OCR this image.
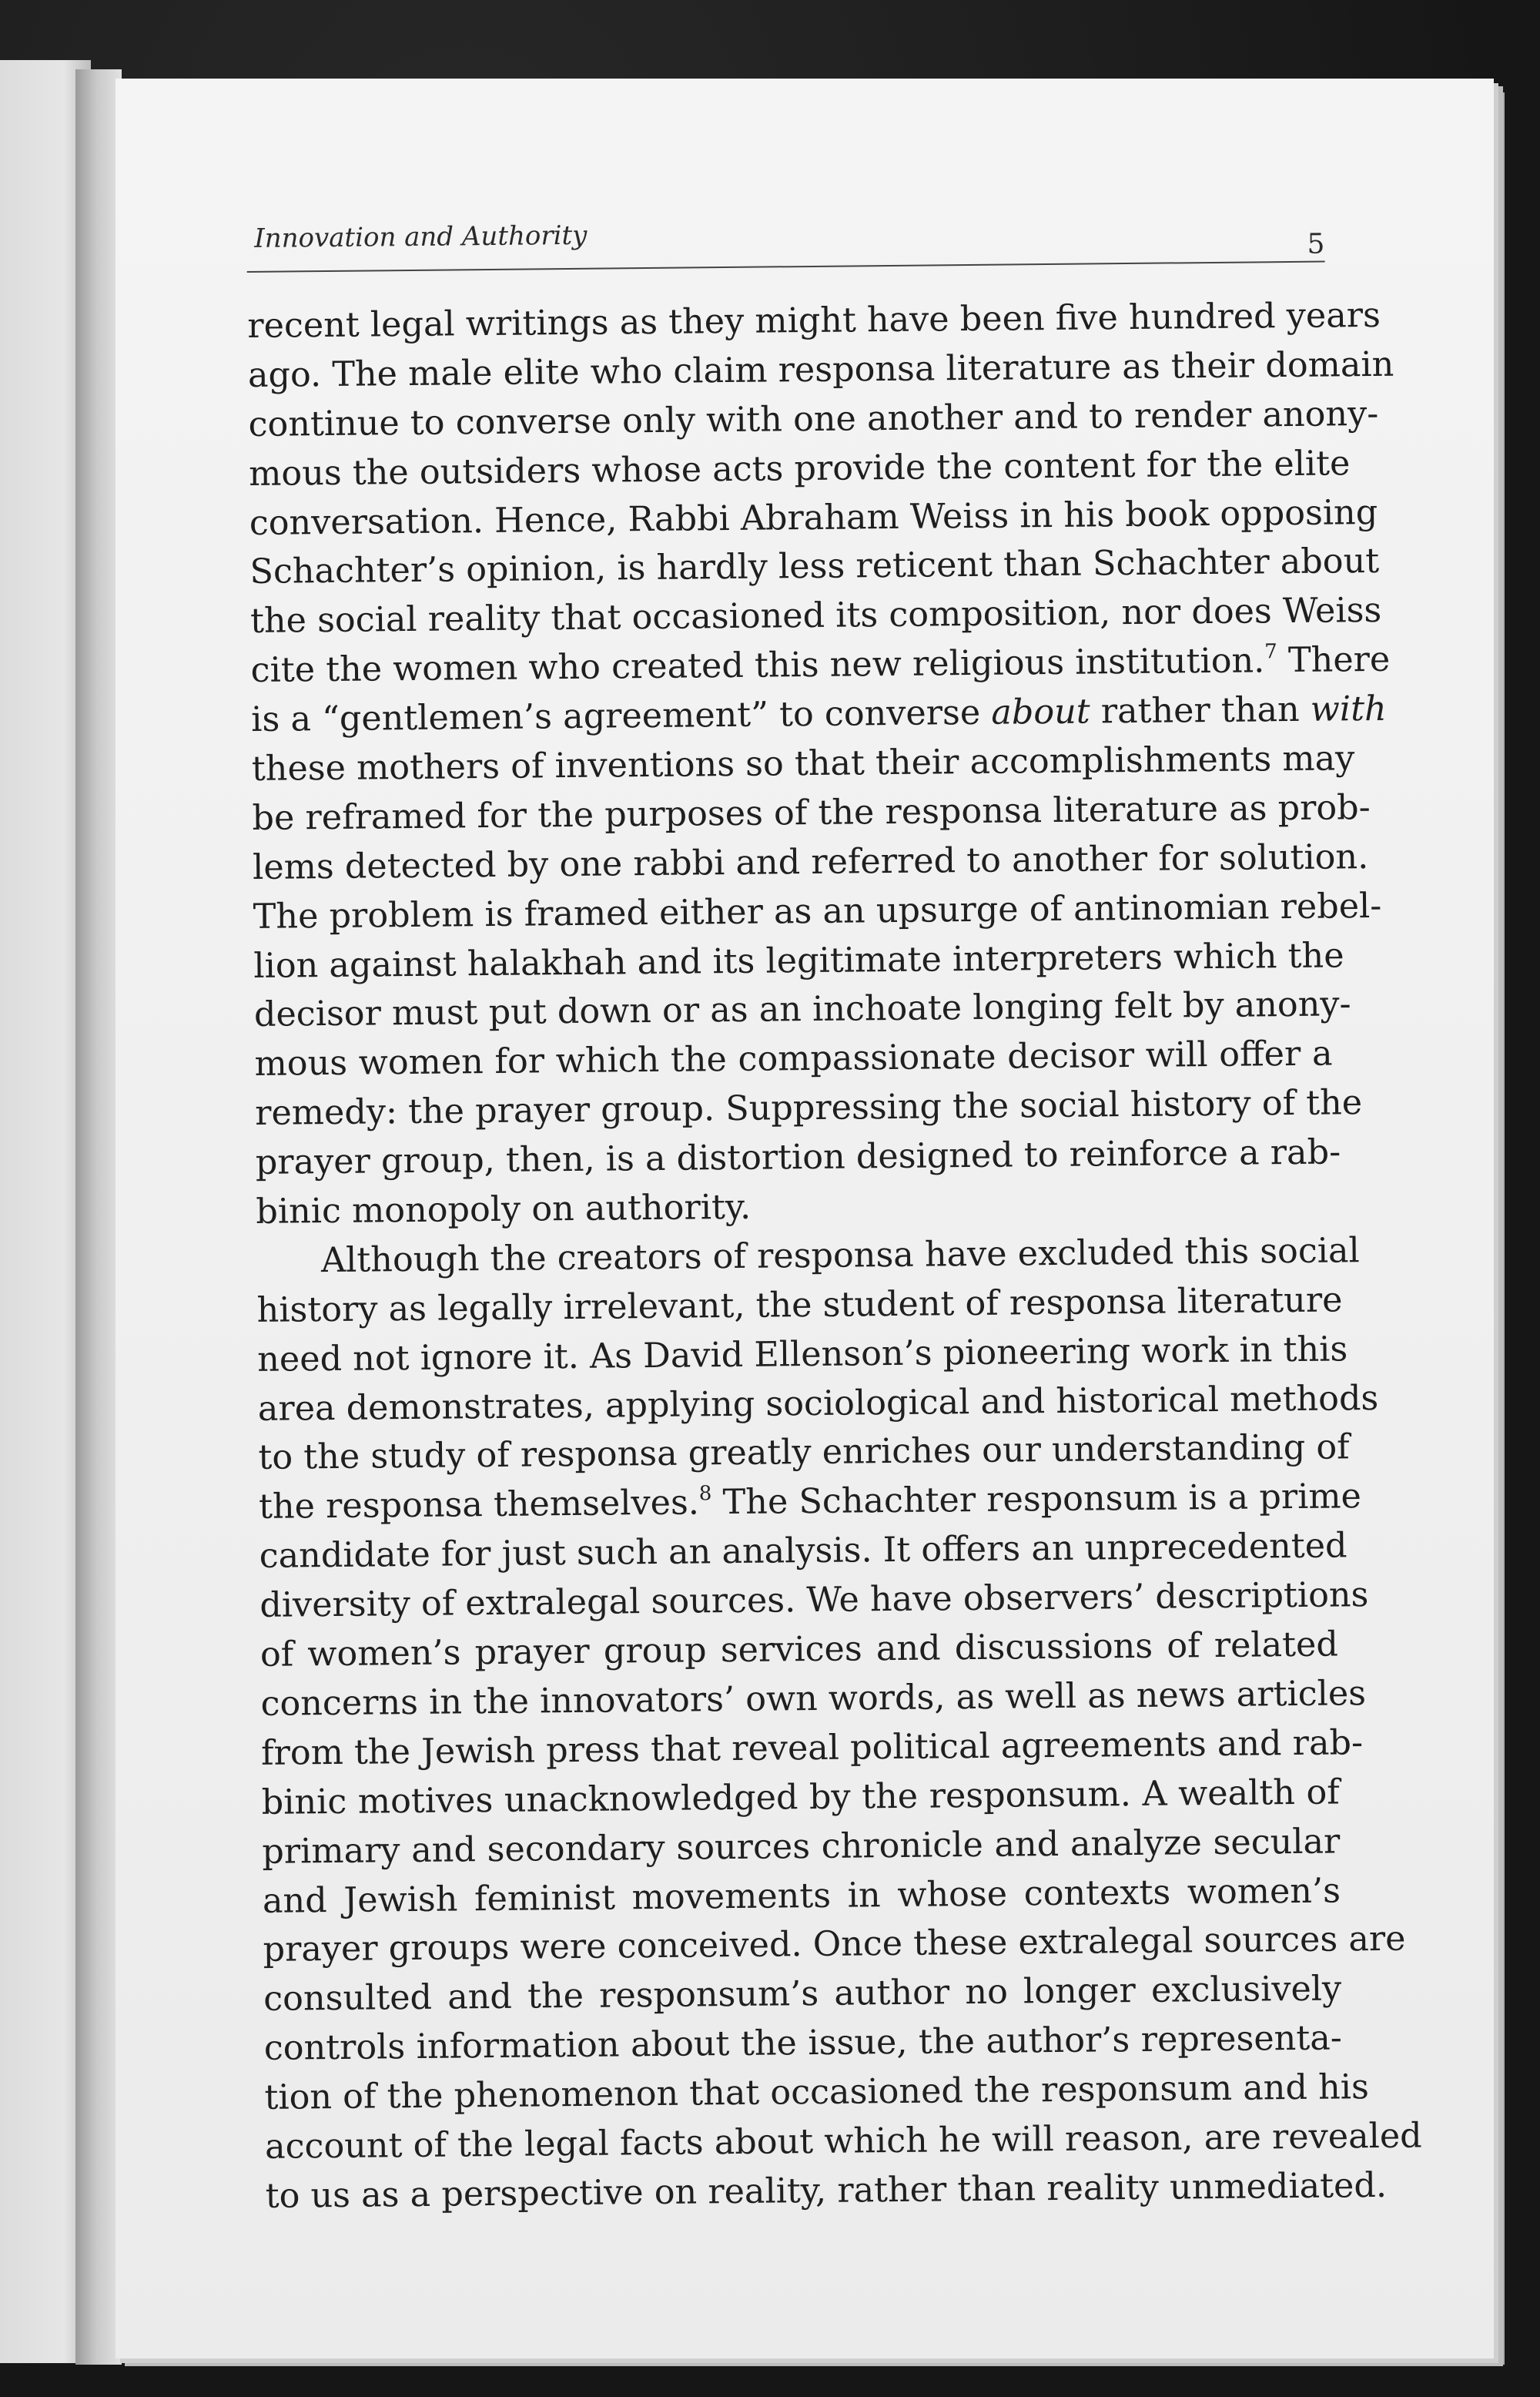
Innovation and Authority	5
recent legal writings as they might have been five hundred years
ago. The male elite who claim responsa literature as their domain
continue to converse only with one another and to render anony-
mous the outsiders whose acts provide the content for the elite
conversation. Hence, Rabbi Abraham Weiss in his book opposing
Schachter’s opinion, is hardly less reticent than Schachter about
the social reality that occasioned its composition, nor does Weiss
cite the women who created this new religious institution.$^7$ There
is a “gentlemen’s agreement” to converse about rather than with
these mothers of inventions so that their accomplishments may
be reframed for the purposes of the responsa literature as prob-
lems detected by one rabbi and referred to another for solution.
The problem is framed either as an upsurge of antinomian rebel-
lion against halakhah and its legitimate interpreters which the
decisor must put down or as an inchoate longing felt by anony-
mous women for which the compassionate decisor will offer a
remedy: the prayer group. Suppressing the social history of the
prayer group, then, is a distortion designed to reinforce a rab-
binic monopoly on authority.
Although the creators of responsa have excluded this social
history as legally irrelevant, the student of responsa literature
need not ignore it. As David Ellenson’s pioneering work in this
area demonstrates, applying sociological and historical methods
to the study of responsa greatly enriches our understanding of
the responsa themselves.$^8$ The Schachter responsum is a prime
candidate for just such an analysis. It offers an unprecedented
diversity of extralegal sources. We have observers’ descriptions
of women’s prayer group services and discussions of related
concerns in the innovators’ own words, as well as news articles
from the Jewish press that reveal political agreements and rab-
binic motives unacknowledged by the responsum. A wealth of
primary and secondary sources chronicle and analyze secular
and Jewish feminist movements in whose contexts women’s
prayer groups were conceived. Once these extralegal sources are
consulted and the responsum’s author no longer exclusively
controls information about the issue, the author’s representa-
tion of the phenomenon that occasioned the responsum and his
account of the legal facts about which he will reason, are revealed
to us as a perspective on reality, rather than reality unmediated.
